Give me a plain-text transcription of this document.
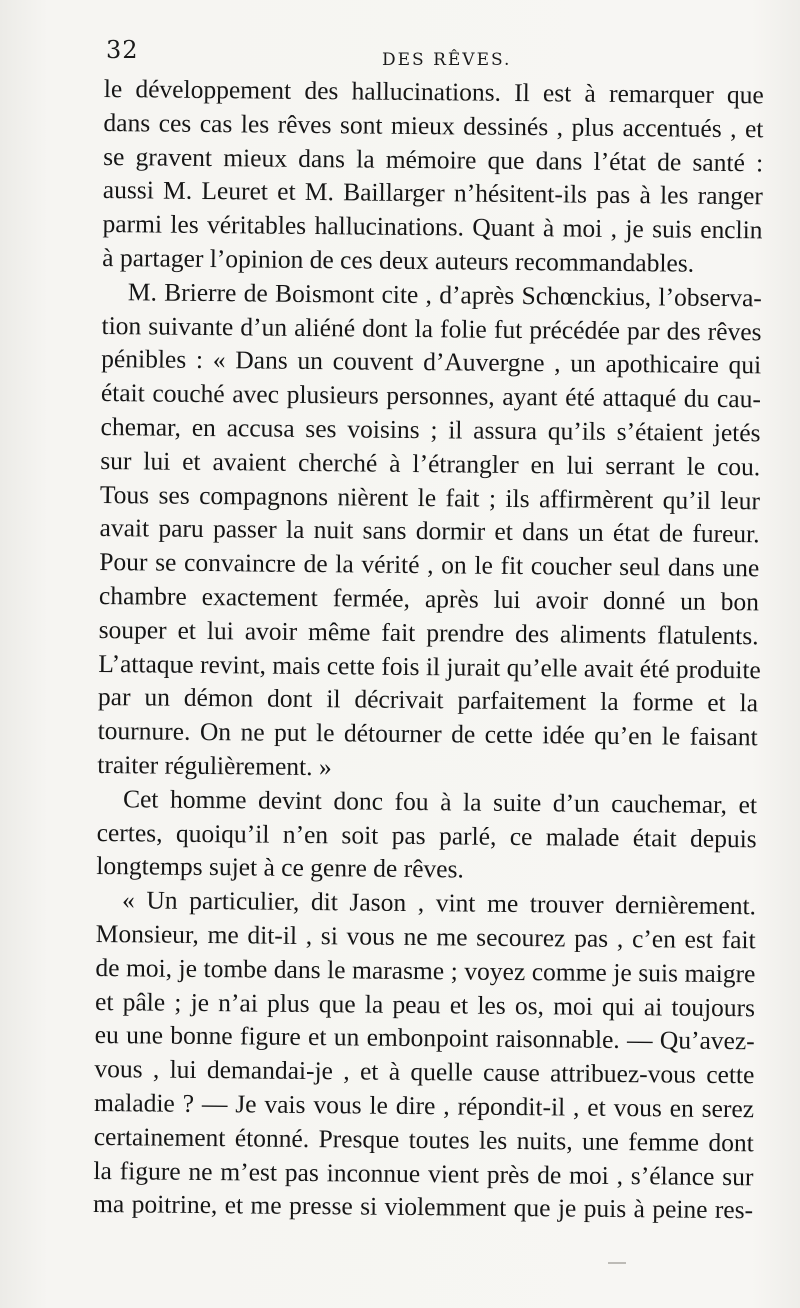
32	DES RÊVES.
le développement des hallucinations. Il est à remarquer que
dans ces cas les rêves sont mieux dessinés , plus accentués , et
se gravent mieux dans la mémoire que dans l’état de santé :
aussi M. Leuret et M. Baillarger n’hésitent-ils pas à les ranger
parmi les véritables hallucinations. Quant à moi , je suis enclin
à partager l’opinion de ces deux auteurs recommandables.
M. Brierre de Boismont cite , d’après Schœnckius, l’observa-
tion suivante d’un aliéné dont la folie fut précédée par des rêves
pénibles : « Dans un couvent d’Auvergne , un apothicaire qui
était couché avec plusieurs personnes, ayant été attaqué du cau-
chemar, en accusa ses voisins ; il assura qu’ils s’étaient jetés
sur lui et avaient cherché à l’étrangler en lui serrant le cou.
Tous ses compagnons nièrent le fait ; ils affirmèrent qu’il leur
avait paru passer la nuit sans dormir et dans un état de fureur.
Pour se convaincre de la vérité , on le fit coucher seul dans une
chambre exactement fermée, après lui avoir donné un bon
souper et lui avoir même fait prendre des aliments flatulents.
L’attaque revint, mais cette fois il jurait qu’elle avait été produite
par un démon dont il décrivait parfaitement la forme et la
tournure. On ne put le détourner de cette idée qu’en le faisant
traiter régulièrement. »
Cet homme devint donc fou à la suite d’un cauchemar, et
certes, quoiqu’il n’en soit pas parlé, ce malade était depuis
longtemps sujet à ce genre de rêves.
« Un particulier, dit Jason , vint me trouver dernièrement.
Monsieur, me dit-il , si vous ne me secourez pas , c’en est fait
de moi, je tombe dans le marasme ; voyez comme je suis maigre
et pâle ; je n’ai plus que la peau et les os, moi qui ai toujours
eu une bonne figure et un embonpoint raisonnable. — Qu’avez-
vous , lui demandai-je , et à quelle cause attribuez-vous cette
maladie ? — Je vais vous le dire , répondit-il , et vous en serez
certainement étonné. Presque toutes les nuits, une femme dont
la figure ne m’est pas inconnue vient près de moi , s’élance sur
ma poitrine, et me presse si violemment que je puis à peine res-
